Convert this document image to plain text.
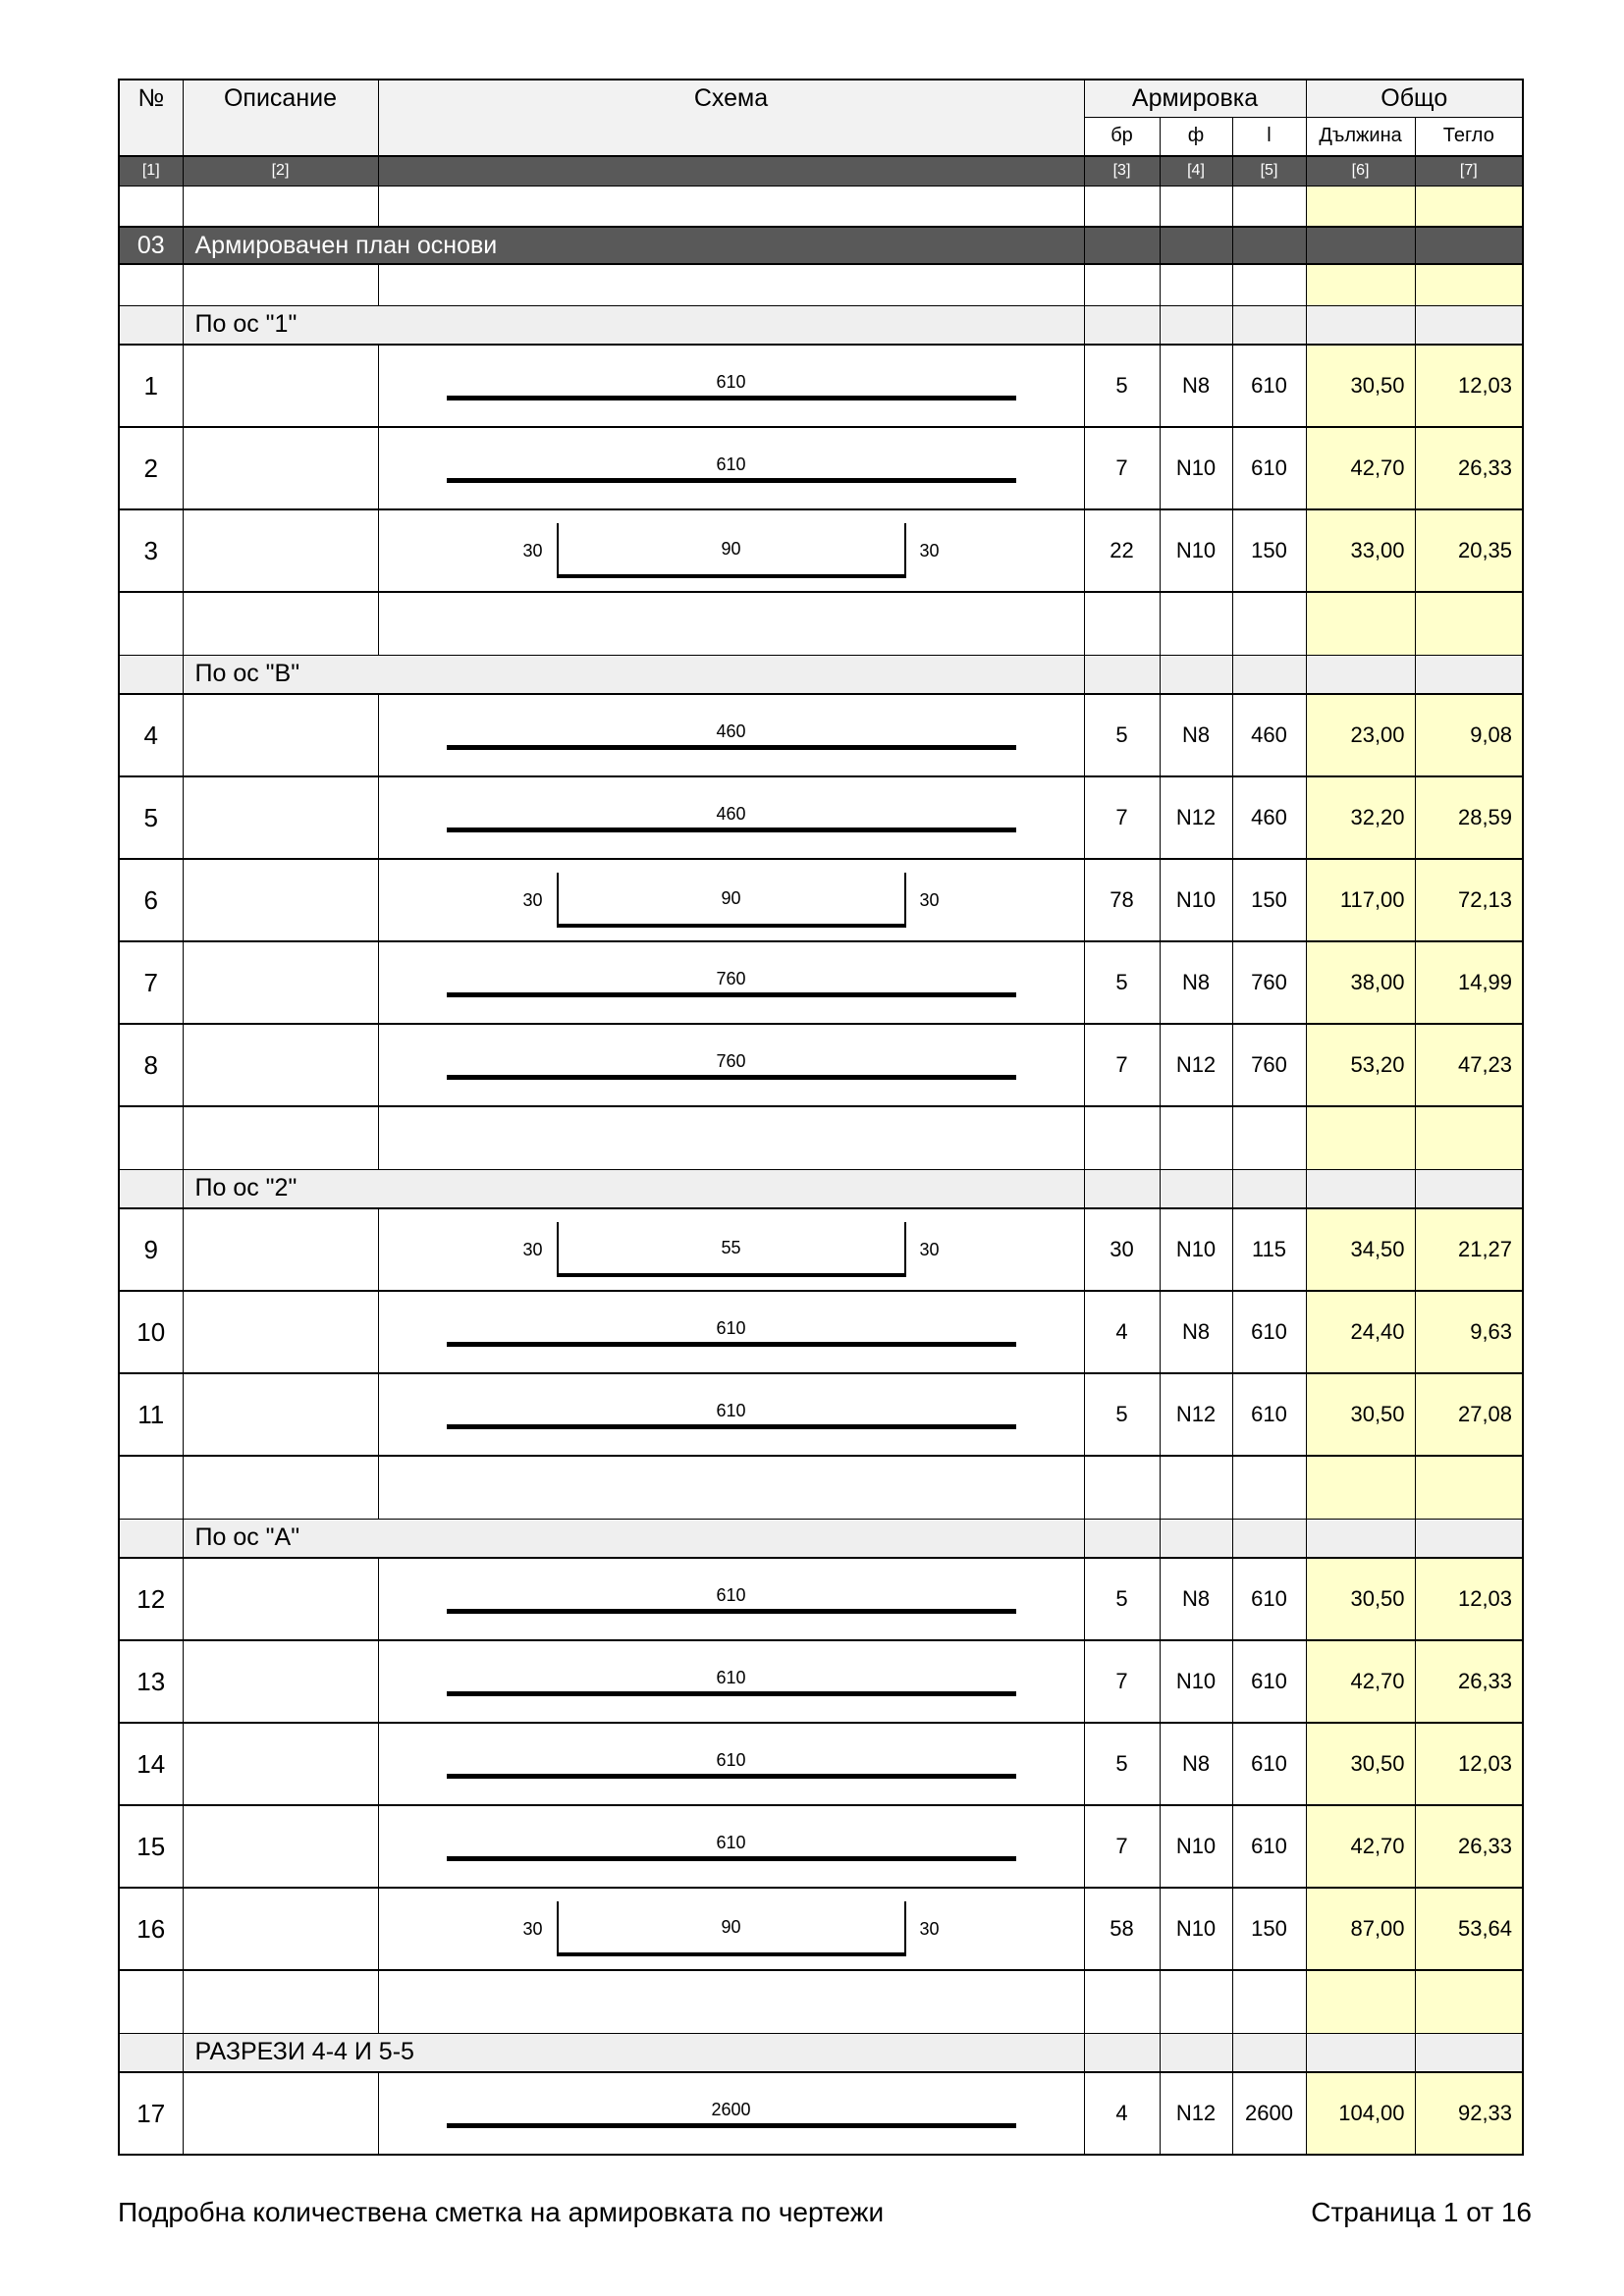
№	Описание	Схема	Армировка			Общо	
			бр	ф	l	Дължина	Тегло
[1]	[2]		[3]	[4]	[5]	[6]	[7]

03	Армировачен план основи						

	По ос "1"						
1		610	5	N8	610	30,50	12,03
2		610	7	N10	610	42,70	26,33
3		30 90 30	22	N10	150	33,00	20,35

	По ос "В"						
4		460	5	N8	460	23,00	9,08
5		460	7	N12	460	32,20	28,59
6		30 90 30	78	N10	150	117,00	72,13
7		760	5	N8	760	38,00	14,99
8		760	7	N12	760	53,20	47,23

	По ос "2"						
9		30 55 30	30	N10	115	34,50	21,27
10		610	4	N8	610	24,40	9,63
11		610	5	N12	610	30,50	27,08

	По ос "А"						
12		610	5	N8	610	30,50	12,03
13		610	7	N10	610	42,70	26,33
14		610	5	N8	610	30,50	12,03
15		610	7	N10	610	42,70	26,33
16		30 90 30	58	N10	150	87,00	53,64

	РАЗРЕЗИ 4-4 И 5-5						
17		2600	4	N12	2600	104,00	92,33
Подробна количествена сметка на армировката по чертежи	Страница 1 от 16
